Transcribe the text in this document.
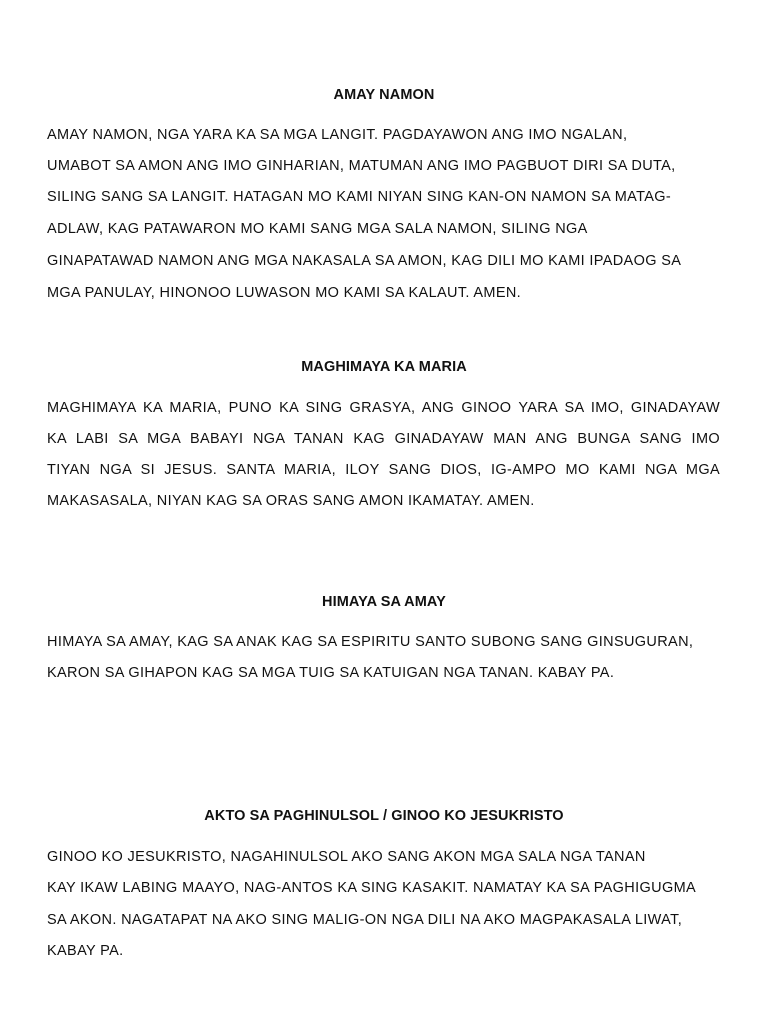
AMAY NAMON
AMAY NAMON, NGA YARA KA SA MGA LANGIT. PAGDAYAWON ANG IMO NGALAN,
UMABOT SA AMON ANG IMO GINHARIAN, MATUMAN ANG IMO PAGBUOT DIRI SA DUTA,
SILING SANG SA LANGIT. HATAGAN MO KAMI NIYAN SING KAN-ON NAMON SA MATAG-
ADLAW, KAG PATAWARON MO KAMI SANG MGA SALA NAMON, SILING NGA
GINAPATAWAD NAMON ANG MGA NAKASALA SA AMON, KAG DILI MO KAMI IPADAOG SA
MGA PANULAY, HINONOO LUWASON MO KAMI SA KALAUT. AMEN.
MAGHIMAYA KA MARIA
MAGHIMAYA KA MARIA, PUNO KA SING GRASYA, ANG GINOO YARA SA IMO, GINADAYAW
KA LABI SA MGA BABAYI NGA TANAN KAG GINADAYAW MAN ANG BUNGA SANG IMO
TIYAN NGA SI JESUS. SANTA MARIA, ILOY SANG DIOS, IG-AMPO MO KAMI NGA MGA
MAKASASALA, NIYAN KAG SA ORAS SANG AMON IKAMATAY. AMEN.
HIMAYA SA AMAY
HIMAYA SA AMAY, KAG SA ANAK KAG SA ESPIRITU SANTO SUBONG SANG GINSUGURAN,
KARON SA GIHAPON KAG SA MGA TUIG SA KATUIGAN NGA TANAN. KABAY PA.
AKTO SA PAGHINULSOL / GINOO KO JESUKRISTO
GINOO KO JESUKRISTO, NAGAHINULSOL AKO SANG AKON MGA SALA NGA TANAN
KAY IKAW LABING MAAYO, NAG-ANTOS KA SING KASAKIT. NAMATAY KA SA PAGHIGUGMA
SA AKON. NAGATAPAT NA AKO SING MALIG-ON NGA DILI NA AKO MAGPAKASALA LIWAT,
KABAY PA.
